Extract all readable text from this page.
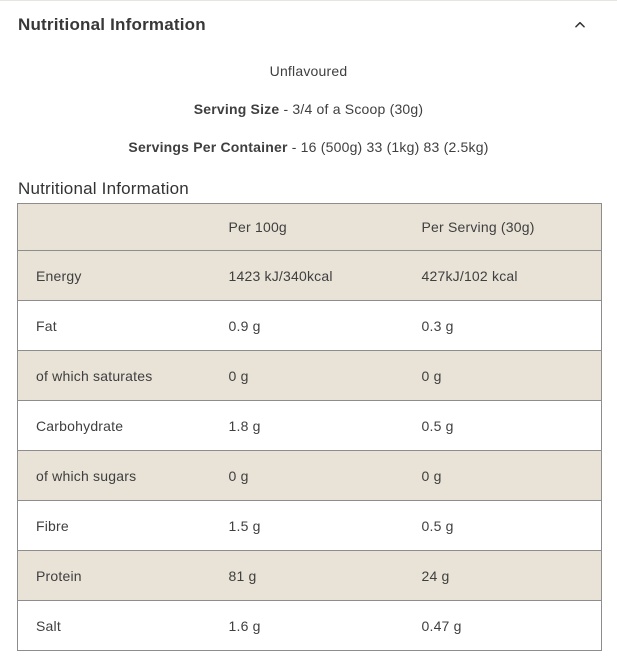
Nutritional Information
Unflavoured
Serving Size - 3/4 of a Scoop (30g)
Servings Per Container - 16 (500g) 33 (1kg) 83 (2.5kg)
Nutritional Information
	Per 100g	Per Serving (30g)
Energy	1423 kJ/340kcal	427kJ/102 kcal
Fat	0.9 g	0.3 g
of which saturates	0 g	0 g
Carbohydrate	1.8 g	0.5 g
of which sugars	0 g	0 g
Fibre	1.5 g	0.5 g
Protein	81 g	24 g
Salt	1.6 g	0.47 g
